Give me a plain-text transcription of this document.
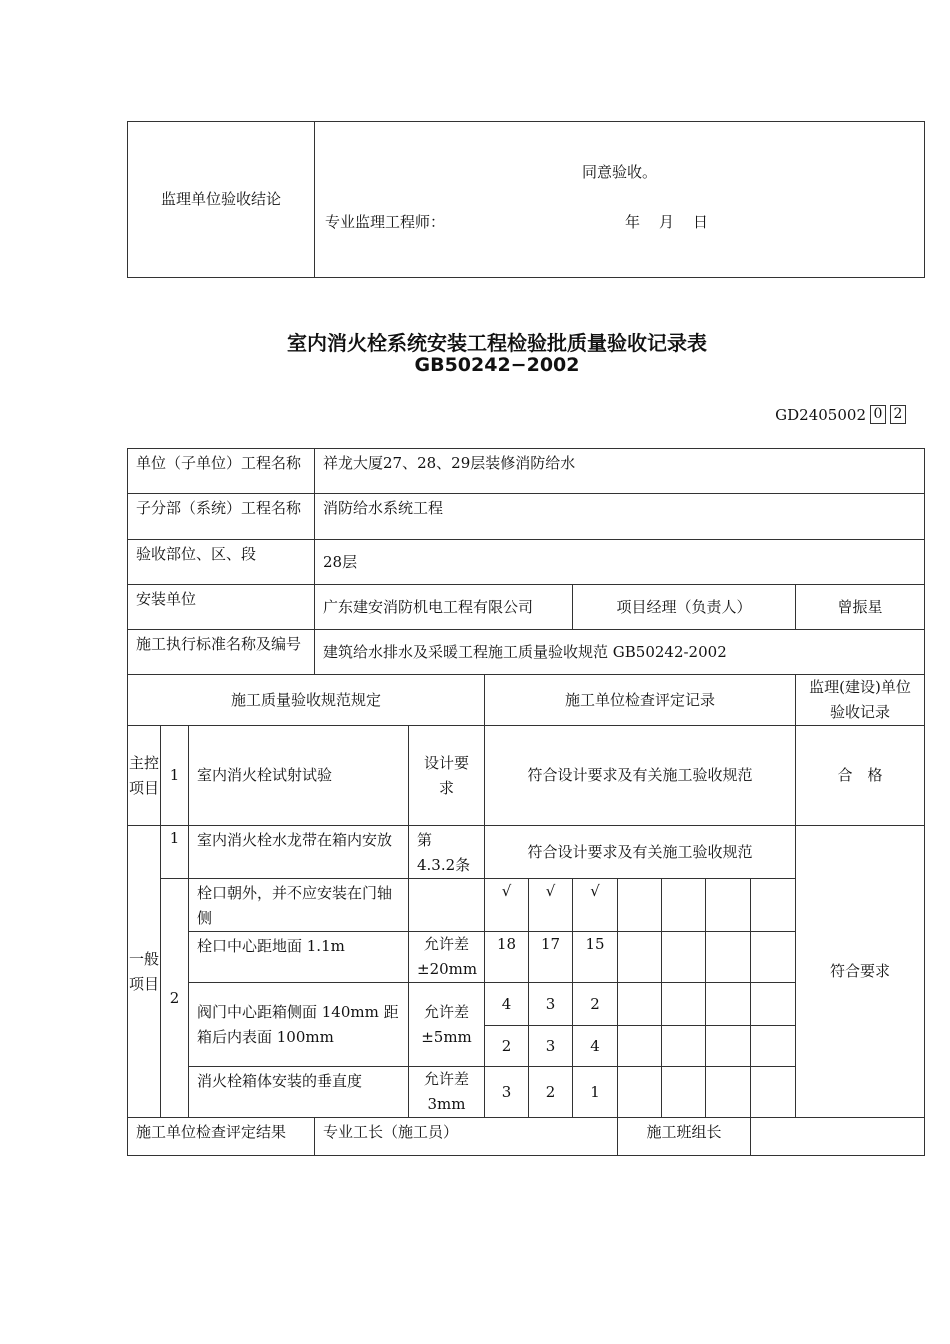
监理单位验收结论	
同意验收。
专业监理工程师：	年　月　日
室内消火栓系统安装工程检验批质量验收记录表
GB50242−2002
GD2405002 0 2
单位（子单位）工程名称			祥龙大厦27、28、29层装修消防给水									
子分部（系统）工程名称			消防给水系统工程									
验收部位、区、段			28层									
安装单位			广东建安消防机电工程有限公司				项目经理（负责人）					曾振星
施工执行标准名称及编号			建筑给水排水及采暖工程施工质量验收规范 GB50242-2002									
施工质量验收规范规定					施工单位检查评定记录							监理(建设)单位验收记录
主控项目	1	室内消火栓试射试验		设计要求	符合设计要求及有关施工验收规范							合　格
一般项目	1	室内消火栓水龙带在箱内安放		第　4.3.2条	符合设计要求及有关施工验收规范							符合要求
	2	栓口朝外，并不应安装在门轴侧			√	√	√					
		栓口中心距地面 1.1m		允许差±20mm	18	17	15					
		阀门中心距箱侧面 140mm 距箱后内表面 100mm		允许差±5mm	4	3	2					
					2	3	4					
		消火栓箱体安装的垂直度		允许差3mm	3	2	1					
施工单位检查评定结果			专业工长（施工员）					施工班组长				
